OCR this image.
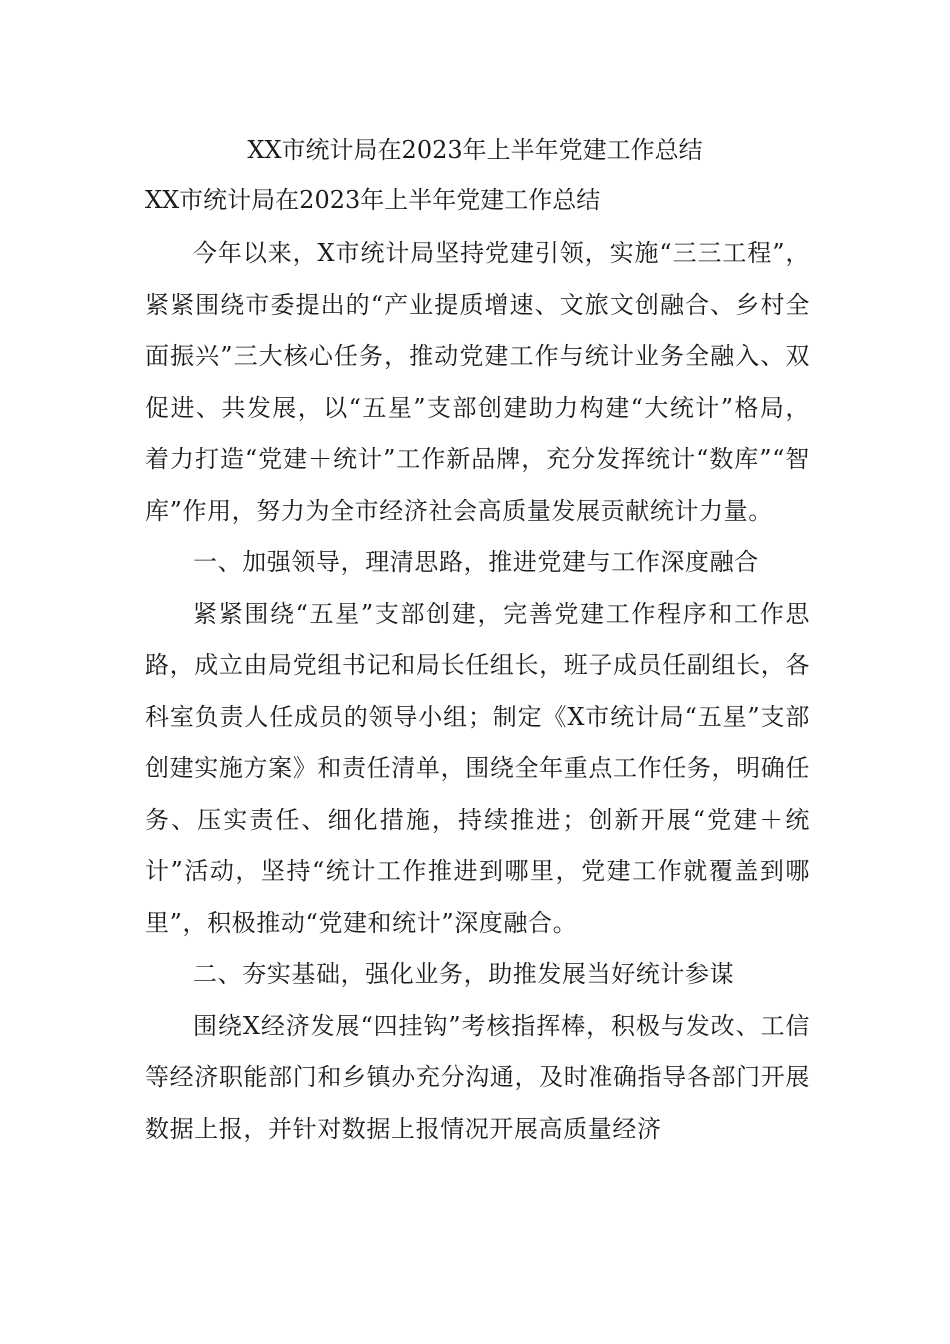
XX市统计局在2023年上半年党建工作总结
XX市统计局在2023年上半年党建工作总结

今年以来，X市统计局坚持党建引领，实施“三三工程”，紧紧围绕市委提出的“产业提质增速、文旅文创融合、乡村全面振兴”三大核心任务，推动党建工作与统计业务全融入、双促进、共发展，以“五星”支部创建助力构建“大统计”格局，着力打造“党建＋统计”工作新品牌，充分发挥统计“数库”“智库”作用，努力为全市经济社会高质量发展贡献统计力量。

一、加强领导，理清思路，推进党建与工作深度融合

紧紧围绕“五星”支部创建，完善党建工作程序和工作思路，成立由局党组书记和局长任组长，班子成员任副组长，各科室负责人任成员的领导小组；制定《X市统计局“五星”支部创建实施方案》和责任清单，围绕全年重点工作任务，明确任务、压实责任、细化措施，持续推进；创新开展“党建＋统计”活动，坚持“统计工作推进到哪里，党建工作就覆盖到哪里”，积极推动“党建和统计”深度融合。

二、夯实基础，强化业务，助推发展当好统计参谋

围绕X经济发展“四挂钩”考核指挥棒，积极与发改、工信等经济职能部门和乡镇办充分沟通，及时准确指导各部门开展数据上报，并针对数据上报情况开展高质量经济
